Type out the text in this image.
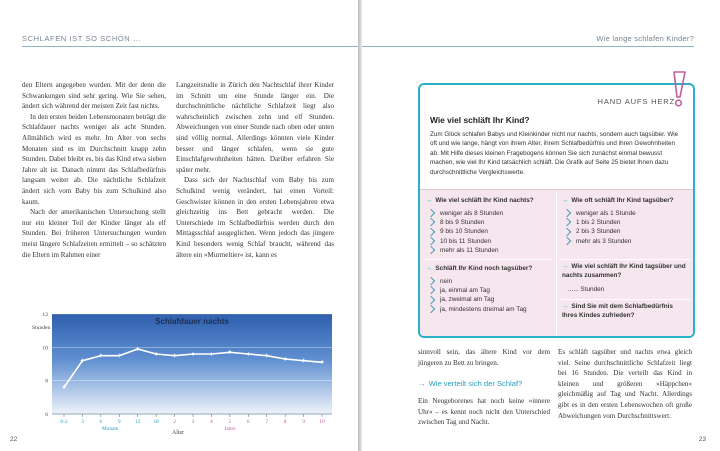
SCHLAFEN IST SO SCHÖN …

den Eltern angegeben wurden. Mit der denn die Schwankungen sind sehr gering. Wie Sie sehen, ändert sich während der meisten Zeit fast nichts.

In den ersten beiden Lebensmonaten beträgt die Schlafdauer nachts weniger als acht Stunden. Allmählich wird es mehr. Im Alter von sechs Monaten sind es im Durchschnitt knapp zehn Stunden. Dabei bleibt es, bis das Kind etwa sieben Jahre alt ist. Danach nimmt das Schlafbedürfnis langsam weiter ab. Die nächtliche Schlafzeit ändert sich vom Baby bis zum Schulkind also kaum.

Nach der amerikanischen Untersuchung stellt nur ein kleiner Teil der Kinder länger als elf Stunden. Bei früheren Untersuchungen wurden meist längere Schlafzeiten ermittelt – so schätzten die Eltern im Rahmen einer

Langzeitstudie in Zürich den Nachtschlaf ihrer Kinder im Schnitt um eine Stunde länger ein. Die durchschnittliche nächtliche Schlafzeit liegt also wahrscheinlich zwischen zehn und elf Stunden. Abweichungen von einer Stunde nach oben oder unten sind völlig normal. Allerdings könnten viele Kinder besser und länger schlafen, wenn sie gute Einschlafgewohnheiten hätten. Darüber erfahren Sie später mehr.

Dass sich der Nachtschlaf vom Baby bis zum Schulkind wenig verändert, hat einen Vorteil: Geschwister können in den ersten Lebensjahren etwa gleichzeitig ins Bett gebracht werden. Die Unterschiede im Schlafbedürfnis werden durch den Mittagsschlaf ausgeglichen. Wenn jedoch das jüngere Kind besonders wenig Schlaf braucht, während das ältere ein »Murmeltier« ist, kann es

Schlafdauer nachts
Stunden
12
10
8
6
0-2 3	6	9	12 18	2	3	4	5	6	7	8	9	10
Monate	Jahre
✦
✦
✦ ✦
✦
✦ ✦ ✦ ✦ ✦ ✦ ✦ ✦ ✦ ✦
Alter
22
Wie lange schlafen Kinder?

sinnvoll sein, das ältere Kind vor dem jüngeren zu Bett zu bringen.

→ Wie verteilt sich der Schlaf?

Ein Neugeborenes hat noch keine »innere Uhr« – es kennt noch nicht den Unterschied zwischen Tag und Nacht.

Es schläft tagsüber und nachts etwa gleich viel. Seine durchschnittliche Schlafzeit liegt bei 16 Stunden. Die verteilt das Kind in kleinen und größeren »Häppchen« gleichmäßig auf Tag und Nacht. Allerdings gibt es in den ersten Lebenswochen oft große Abweichungen vom Durchschnittswert.

23
HAND AUFS HERZ
Wie viel schläft Ihr Kind?
Zum Glück schlafen Babys und Kleinkinder nicht nur nachts, sondern auch tagsüber. Wie oft und wie lange, hängt von ihrem Alter, ihrem Schlafbedürfnis und ihren Gewohnheiten ab. Mit Hilfe dieses kleinen Fragebogens können Sie sich zunächst einmal bewusst machen, wie viel Ihr Kind tatsächlich schläft. Die Grafik auf Seite 25 bietet Ihnen dazu durchschnittliche Vergleichswerte.
→ Wie viel schläft Ihr Kind nachts?
weniger als 8 Stunden
8 bis 9 Stunden
9 bis 10 Stunden
10 bis 11 Stunden
mehr als 11 Stunden
→ Wie oft schläft Ihr Kind tagsüber?
weniger als 1 Stunde
1 bis 2 Stunden
2 bis 3 Stunden
mehr als 3 Stunden
→ Schläft Ihr Kind noch tagsüber?
nein
ja, einmal am Tag
ja, zweimal am Tag
ja, mindestens dreimal am Tag
→ Wie viel schläft Ihr Kind tagsüber und nachts zusammen?
...... Stunden
→ Sind Sie mit dem Schlafbedürfnis Ihres Kindes zufrieden?
